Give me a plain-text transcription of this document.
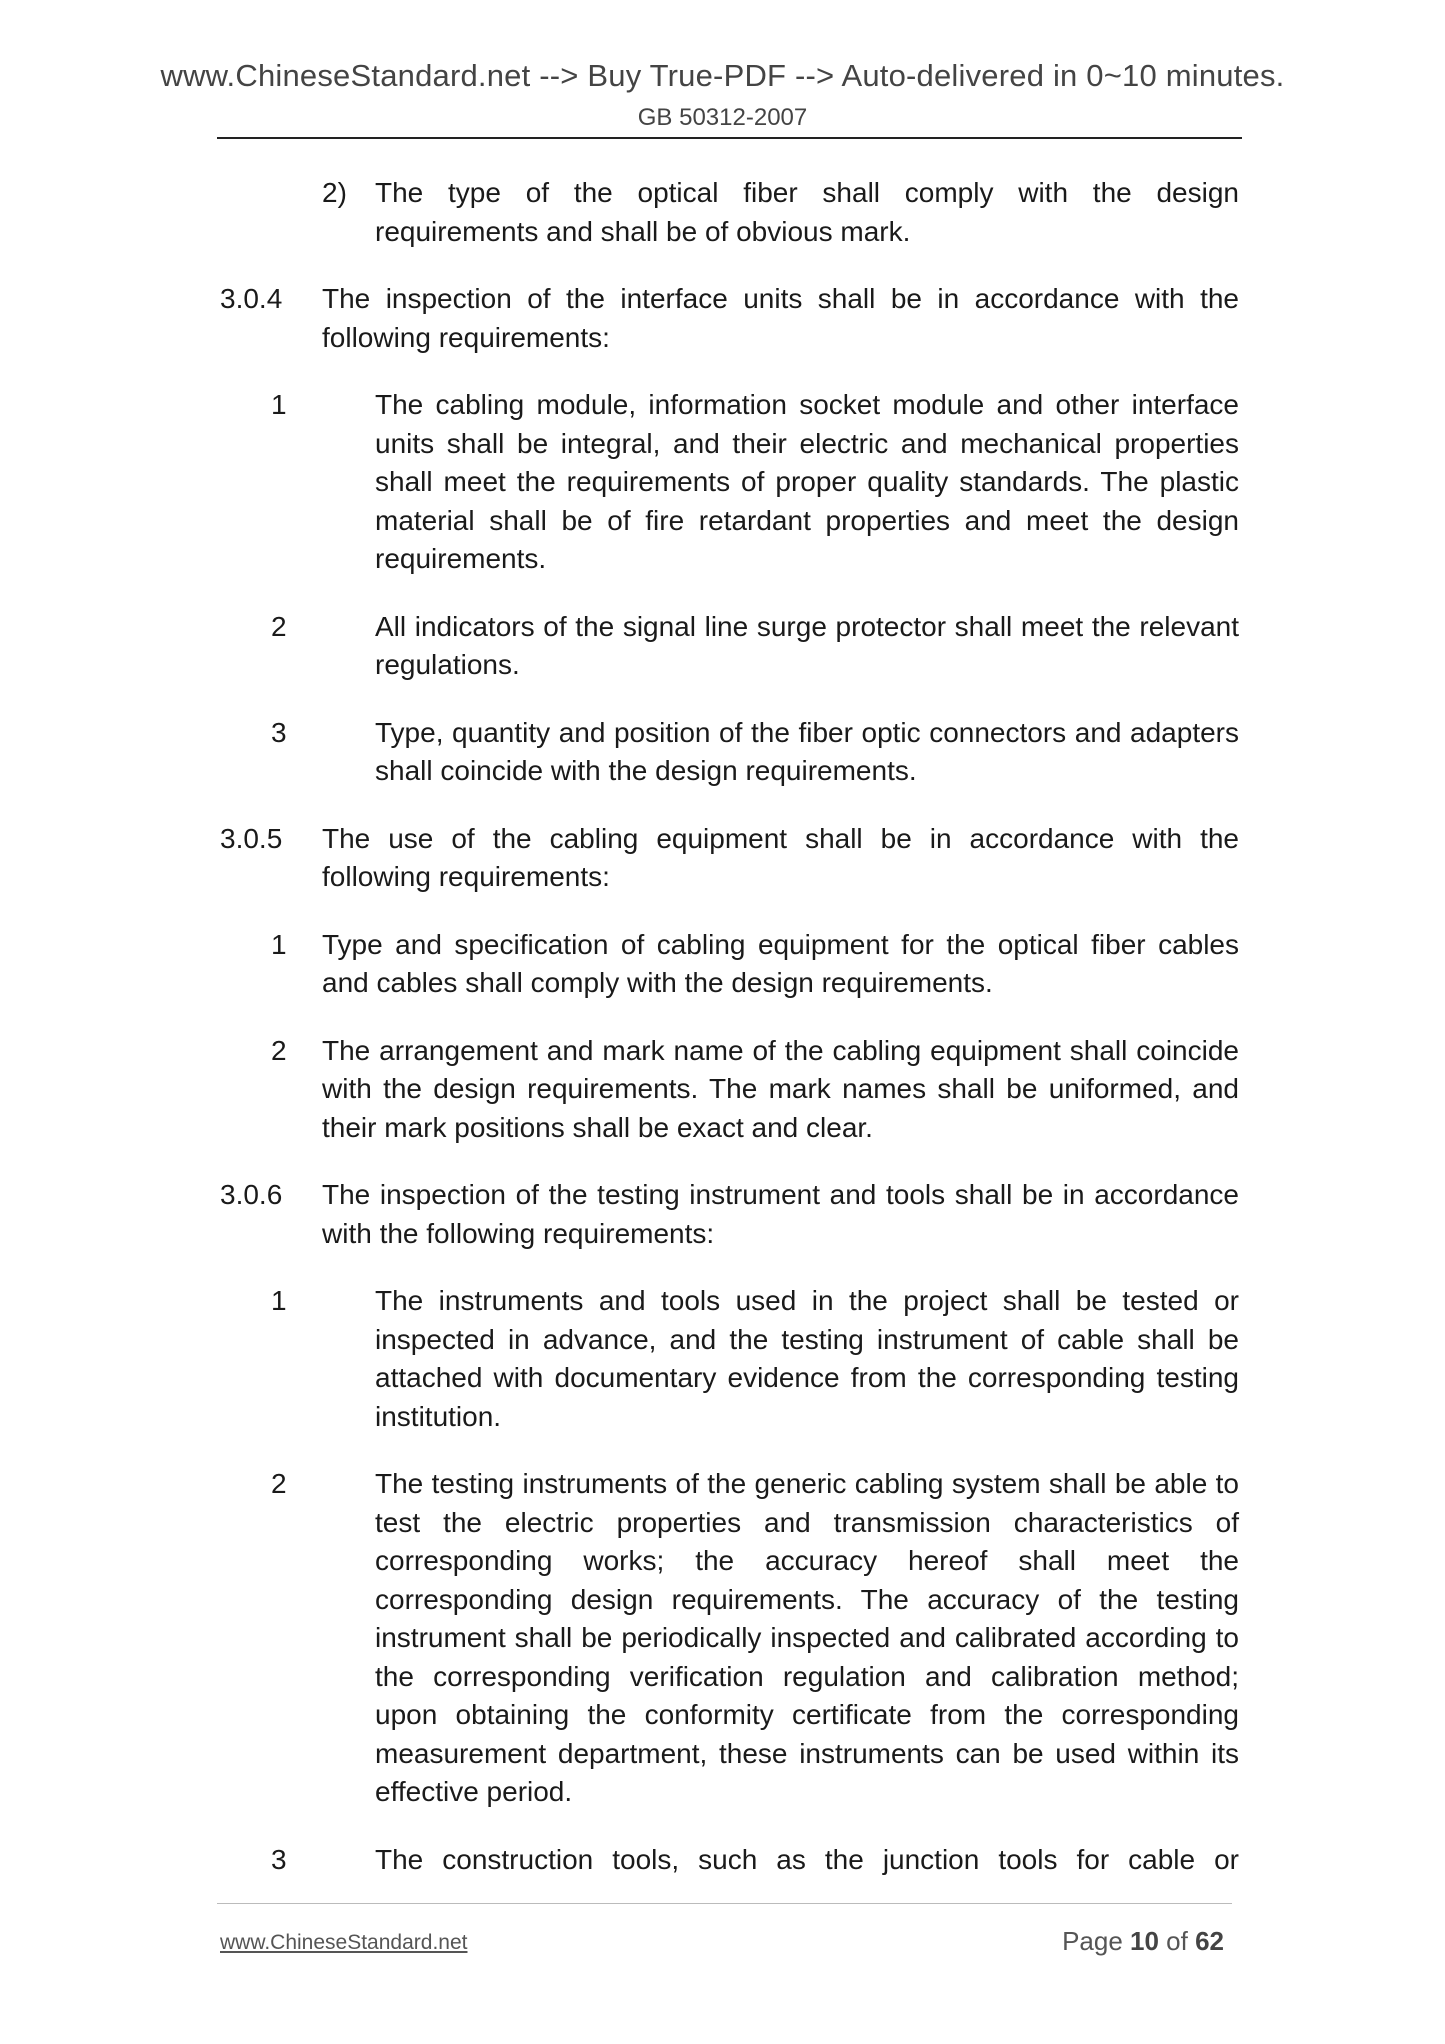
www.ChineseStandard.net --> Buy True-PDF --> Auto-delivered in 0~10 minutes.
GB 50312-2007
2) The type of the optical fiber shall comply with the design requirements and shall be of obvious mark.
3.0.4 The inspection of the interface units shall be in accordance with the following requirements:
1	The cabling module, information socket module and other interface units shall be integral, and their electric and mechanical properties shall meet the requirements of proper quality standards. The plastic material shall be of fire retardant properties and meet the design requirements.
2	All indicators of the signal line surge protector shall meet the relevant regulations.
3	Type, quantity and position of the fiber optic connectors and adapters shall coincide with the design requirements.
3.0.5 The use of the cabling equipment shall be in accordance with the following requirements:
1 Type and specification of cabling equipment for the optical fiber cables and cables shall comply with the design requirements.
2 The arrangement and mark name of the cabling equipment shall coincide with the design requirements. The mark names shall be uniformed, and their mark positions shall be exact and clear.
3.0.6 The inspection of the testing instrument and tools shall be in accordance with the following requirements:
1	The instruments and tools used in the project shall be tested or inspected in advance, and the testing instrument of cable shall be attached with documentary evidence from the corresponding testing institution.
2	The testing instruments of the generic cabling system shall be able to test the electric properties and transmission characteristics of corresponding works; the accuracy hereof shall meet the corresponding design requirements. The accuracy of the testing instrument shall be periodically inspected and calibrated according to the corresponding verification regulation and calibration method; upon obtaining the conformity certificate from the corresponding measurement department, these instruments can be used within its effective period.
3	The construction tools, such as the junction tools for cable or
www.ChineseStandard.net	Page 10 of 62
